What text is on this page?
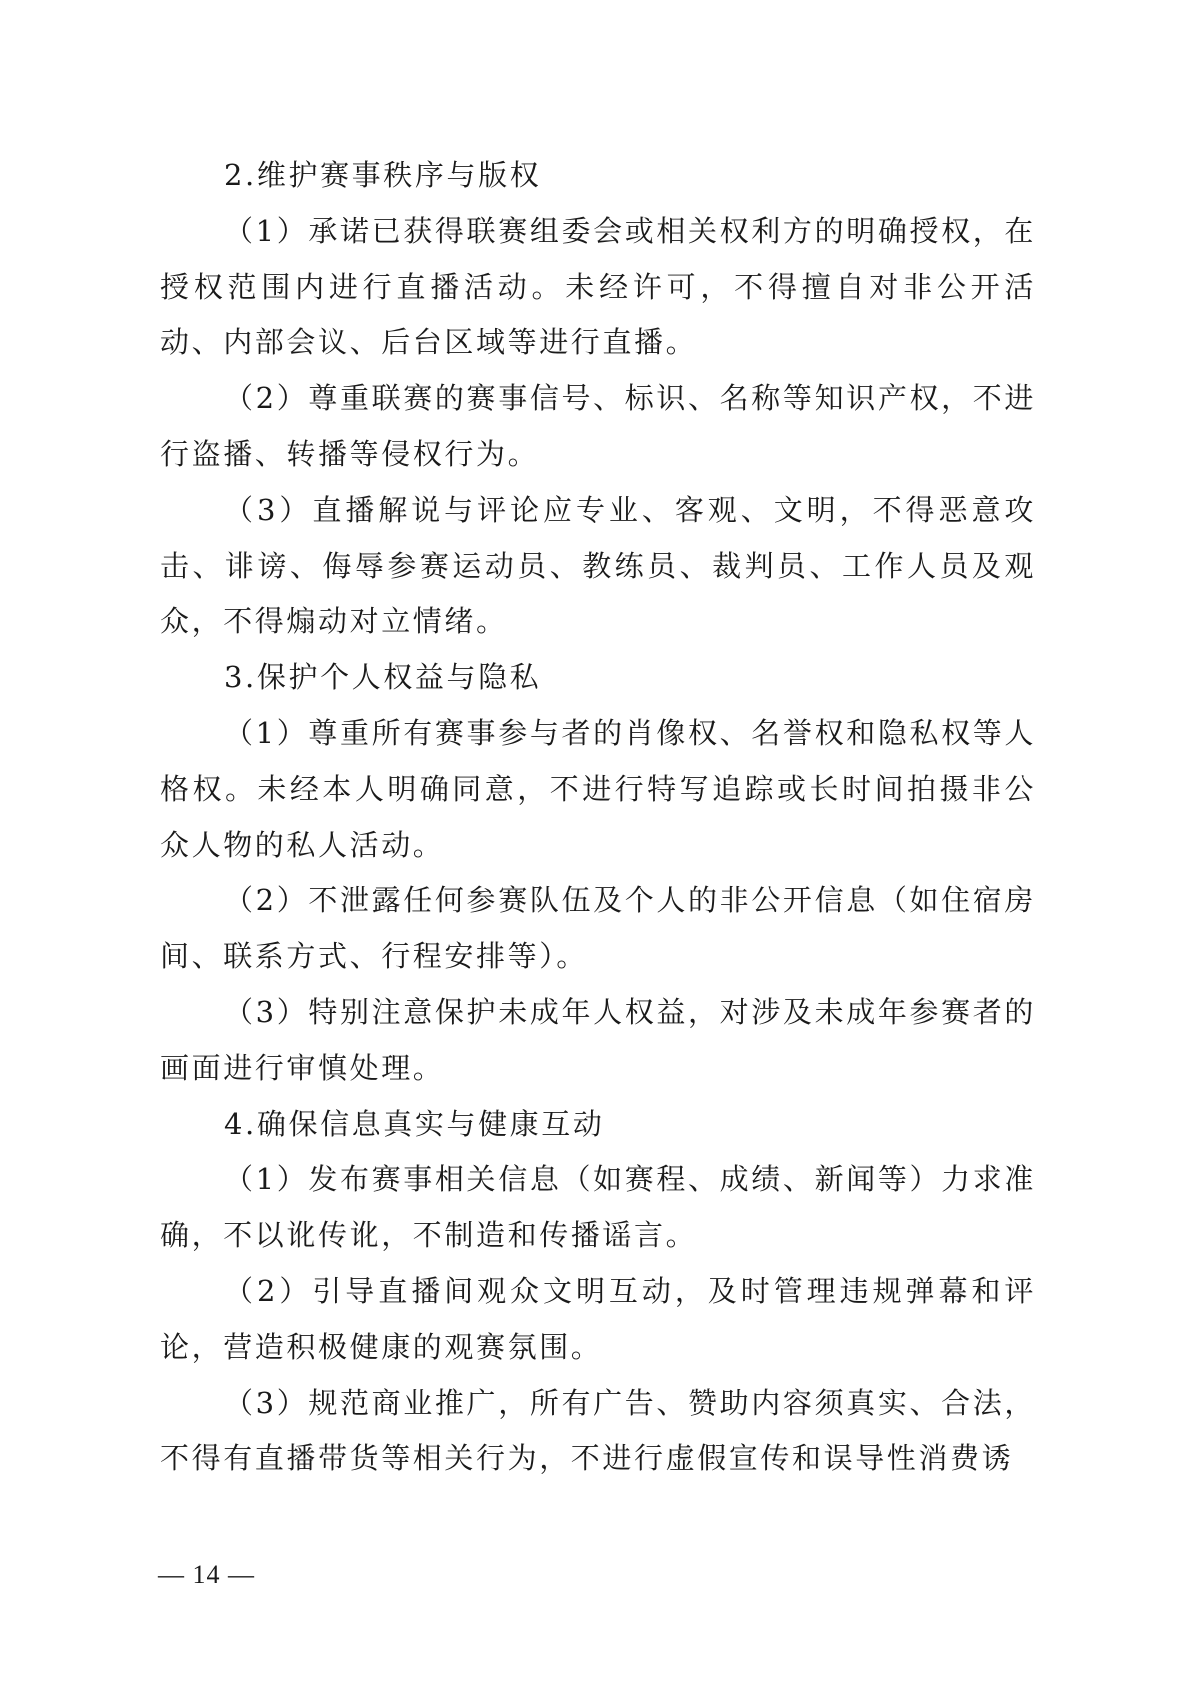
2.维护赛事秩序与版权

（1）承诺已获得联赛组委会或相关权利方的明确授权，在授权范围内进行直播活动。未经许可，不得擅自对非公开活动、内部会议、后台区域等进行直播。

（2）尊重联赛的赛事信号、标识、名称等知识产权，不进行盗播、转播等侵权行为。

（3）直播解说与评论应专业、客观、文明，不得恶意攻击、诽谤、侮辱参赛运动员、教练员、裁判员、工作人员及观众，不得煽动对立情绪。

3.保护个人权益与隐私

（1）尊重所有赛事参与者的肖像权、名誉权和隐私权等人格权。未经本人明确同意，不进行特写追踪或长时间拍摄非公众人物的私人活动。

（2）不泄露任何参赛队伍及个人的非公开信息（如住宿房间、联系方式、行程安排等）。

（3）特别注意保护未成年人权益，对涉及未成年参赛者的画面进行审慎处理。

4.确保信息真实与健康互动

（1）发布赛事相关信息（如赛程、成绩、新闻等）力求准确，不以讹传讹，不制造和传播谣言。

（2）引导直播间观众文明互动，及时管理违规弹幕和评论，营造积极健康的观赛氛围。

（3）规范商业推广，所有广告、赞助内容须真实、合法，不得有直播带货等相关行为，不进行虚假宣传和误导性消费诱

— 14 —
